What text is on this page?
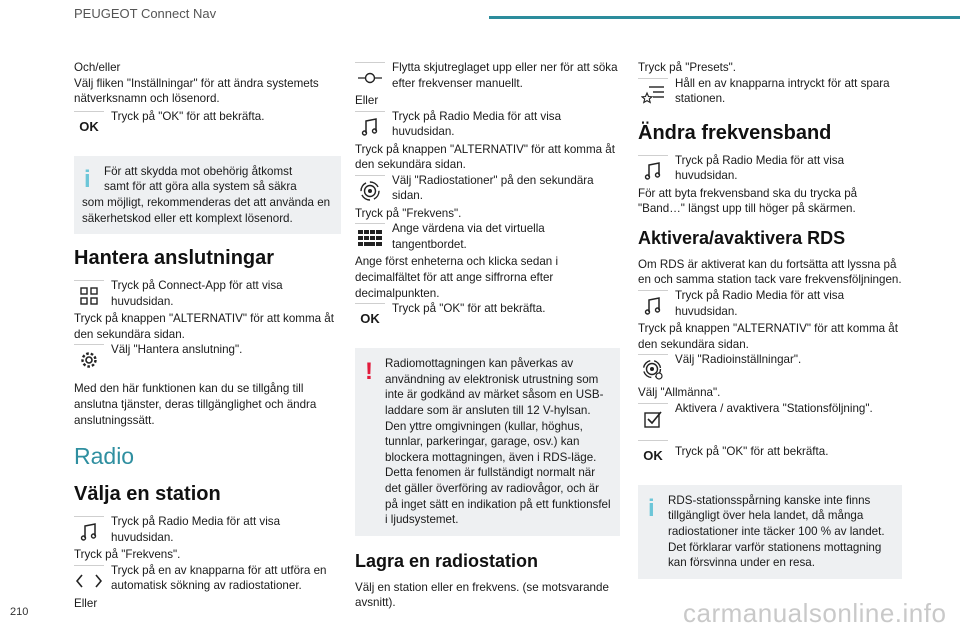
PEUGEOT Connect Nav

Och/eller

Välj fliken "Inställningar" för att ändra systemets nätverksnamn och lösenord.

OK
Tryck på "OK" för att bekräfta.
i	För att skydda mot obehörig åtkomst

samt för att göra alla system så säkra

som möjligt, rekommenderas det att använda en säkerhetskod eller ett komplext lösenord.

Hantera anslutningar
Tryck på Connect-App för att visa huvudsidan.

Tryck på knappen "ALTERNATIV" för att komma åt den sekundära sidan.

Välj "Hantera anslutning".

Med den här funktionen kan du se tillgång till anslutna tjänster, deras tillgänglighet och ändra anslutningssätt.

Radio
Välja en station
Tryck på Radio Media för att visa huvudsidan.

Tryck på "Frekvens".

Tryck på en av knapparna för att utföra en automatisk sökning av radiostationer.

Eller

Flytta skjutreglaget upp eller ner för att söka efter frekvenser manuellt.

Eller

Tryck på Radio Media för att visa huvudsidan.

Tryck på knappen "ALTERNATIV" för att komma åt den sekundära sidan.

Välj "Radiostationer" på den sekundära sidan.

Tryck på "Frekvens".

Ange värdena via det virtuella tangentbordet.

Ange först enheterna och klicka sedan i decimalfältet för att ange siffrorna efter decimalpunkten.

OK
Tryck på "OK" för att bekräfta.
!	Radiomottagningen kan påverkas av användning av elektronisk utrustning som inte är godkänd av märket såsom en USB-laddare som är ansluten till 12 V-hylsan. Den yttre omgivningen (kullar, höghus, tunnlar, parkeringar, garage, osv.) kan blockera mottagningen, även i RDS-läge. Detta fenomen är fullständigt normalt när det gäller överföring av radiovågor, och är på inget sätt en indikation på ett funktionsfel i ljudsystemet.

Lagra en radiostation

Välj en station eller en frekvens. (se motsvarande avsnitt).

Tryck på "Presets".

Håll en av knapparna intryckt för att spara stationen.
Ändra frekvensband
Tryck på Radio Media för att visa huvudsidan.

För att byta frekvensband ska du trycka på "Band…" längst upp till höger på skärmen.

Aktivera/avaktivera RDS

Om RDS är aktiverat kan du fortsätta att lyssna på en och samma station tack vare frekvensföljningen.

Tryck på Radio Media för att visa huvudsidan.

Tryck på knappen "ALTERNATIV" för att komma åt den sekundära sidan.

Välj "Radioinställningar".

Välj "Allmänna".

Aktivera / avaktivera "Stationsföljning".
OK	Tryck på "OK" för att bekräfta.
i	RDS-stationsspårning kanske inte finns tillgängligt över hela landet, då många radiostationer inte täcker 100 % av landet. Det förklarar varför stationens mottagning kan försvinna under en resa.

210	carmanualsonline.info
